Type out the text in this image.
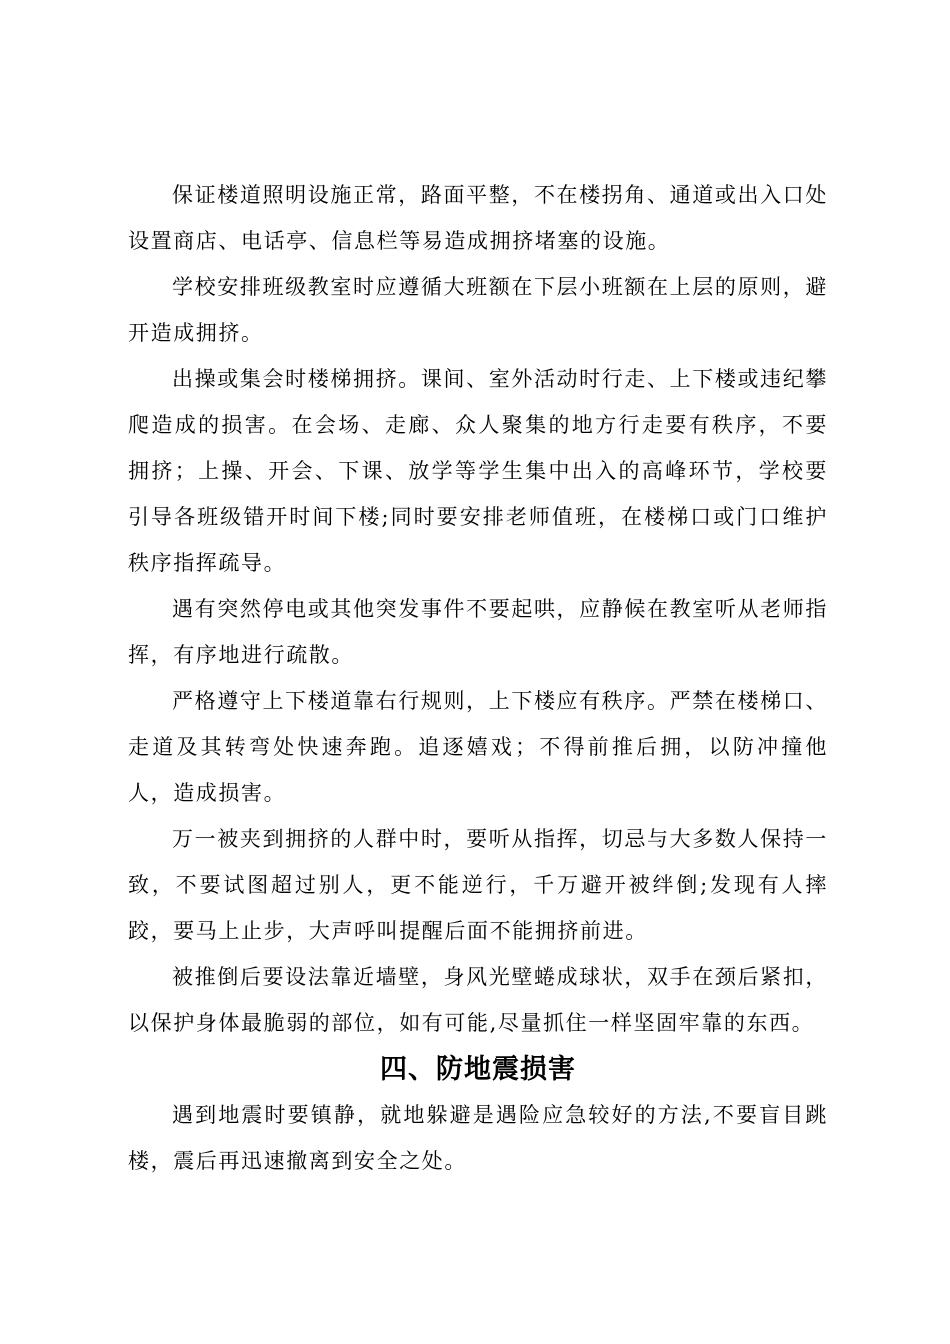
保证楼道照明设施正常，路面平整，不在楼拐角、通道或出入口处设置商店、电话亭、信息栏等易造成拥挤堵塞的设施。

学校安排班级教室时应遵循大班额在下层小班额在上层的原则，避开造成拥挤。

出操或集会时楼梯拥挤。课间、室外活动时行走、上下楼或违纪攀爬造成的损害。在会场、走廊、众人聚集的地方行走要有秩序，不要拥挤；上操、开会、下课、放学等学生集中出入的高峰环节，学校要引导各班级错开时间下楼;同时要安排老师值班，在楼梯口或门口维护秩序指挥疏导。

遇有突然停电或其他突发事件不要起哄，应静候在教室听从老师指挥，有序地进行疏散。

严格遵守上下楼道靠右行规则，上下楼应有秩序。严禁在楼梯口、走道及其转弯处快速奔跑。追逐嬉戏；不得前推后拥，以防冲撞他人，造成损害。

万一被夹到拥挤的人群中时，要听从指挥，切忌与大多数人保持一致，不要试图超过别人，更不能逆行，千万避开被绊倒;发现有人摔跤，要马上止步，大声呼叫提醒后面不能拥挤前进。

被推倒后要设法靠近墙壁，身风光壁蜷成球状，双手在颈后紧扣，以保护身体最脆弱的部位，如有可能,尽量抓住一样坚固牢靠的东西。

四、防地震损害

遇到地震时要镇静，就地躲避是遇险应急较好的方法,不要盲目跳楼，震后再迅速撤离到安全之处。
